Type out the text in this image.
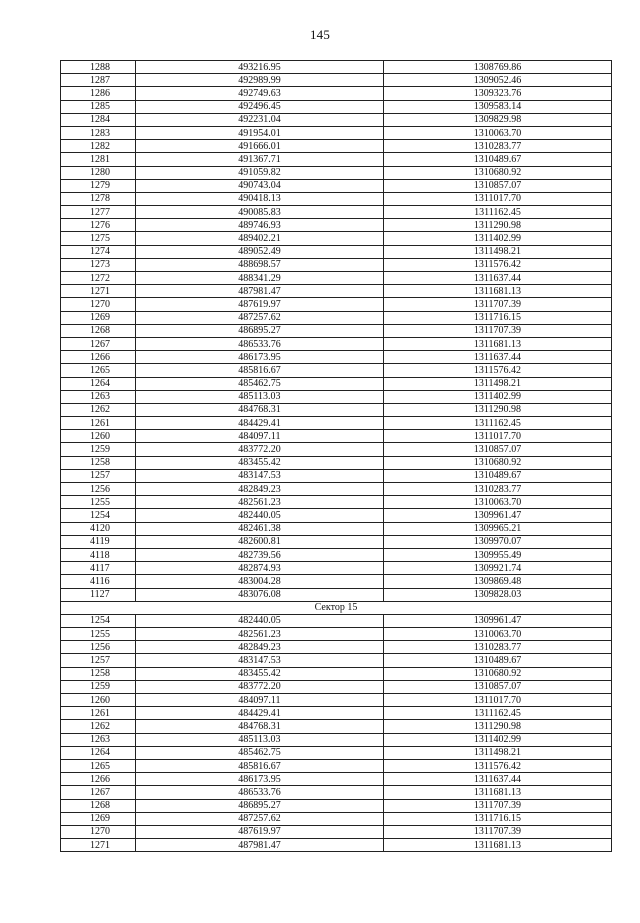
145
1288	493216.95	1308769.86
1287	492989.99	1309052.46
1286	492749.63	1309323.76
1285	492496.45	1309583.14
1284	492231.04	1309829.98
1283	491954.01	1310063.70
1282	491666.01	1310283.77
1281	491367.71	1310489.67
1280	491059.82	1310680.92
1279	490743.04	1310857.07
1278	490418.13	1311017.70
1277	490085.83	1311162.45
1276	489746.93	1311290.98
1275	489402.21	1311402.99
1274	489052.49	1311498.21
1273	488698.57	1311576.42
1272	488341.29	1311637.44
1271	487981.47	1311681.13
1270	487619.97	1311707.39
1269	487257.62	1311716.15
1268	486895.27	1311707.39
1267	486533.76	1311681.13
1266	486173.95	1311637.44
1265	485816.67	1311576.42
1264	485462.75	1311498.21
1263	485113.03	1311402.99
1262	484768.31	1311290.98
1261	484429.41	1311162.45
1260	484097.11	1311017.70
1259	483772.20	1310857.07
1258	483455.42	1310680.92
1257	483147.53	1310489.67
1256	482849.23	1310283.77
1255	482561.23	1310063.70
1254	482440.05	1309961.47
4120	482461.38	1309965.21
4119	482600.81	1309970.07
4118	482739.56	1309955.49
4117	482874.93	1309921.74
4116	483004.28	1309869.48
1127	483076.08	1309828.03
Сектор 15		
1254	482440.05	1309961.47
1255	482561.23	1310063.70
1256	482849.23	1310283.77
1257	483147.53	1310489.67
1258	483455.42	1310680.92
1259	483772.20	1310857.07
1260	484097.11	1311017.70
1261	484429.41	1311162.45
1262	484768.31	1311290.98
1263	485113.03	1311402.99
1264	485462.75	1311498.21
1265	485816.67	1311576.42
1266	486173.95	1311637.44
1267	486533.76	1311681.13
1268	486895.27	1311707.39
1269	487257.62	1311716.15
1270	487619.97	1311707.39
1271	487981.47	1311681.13
